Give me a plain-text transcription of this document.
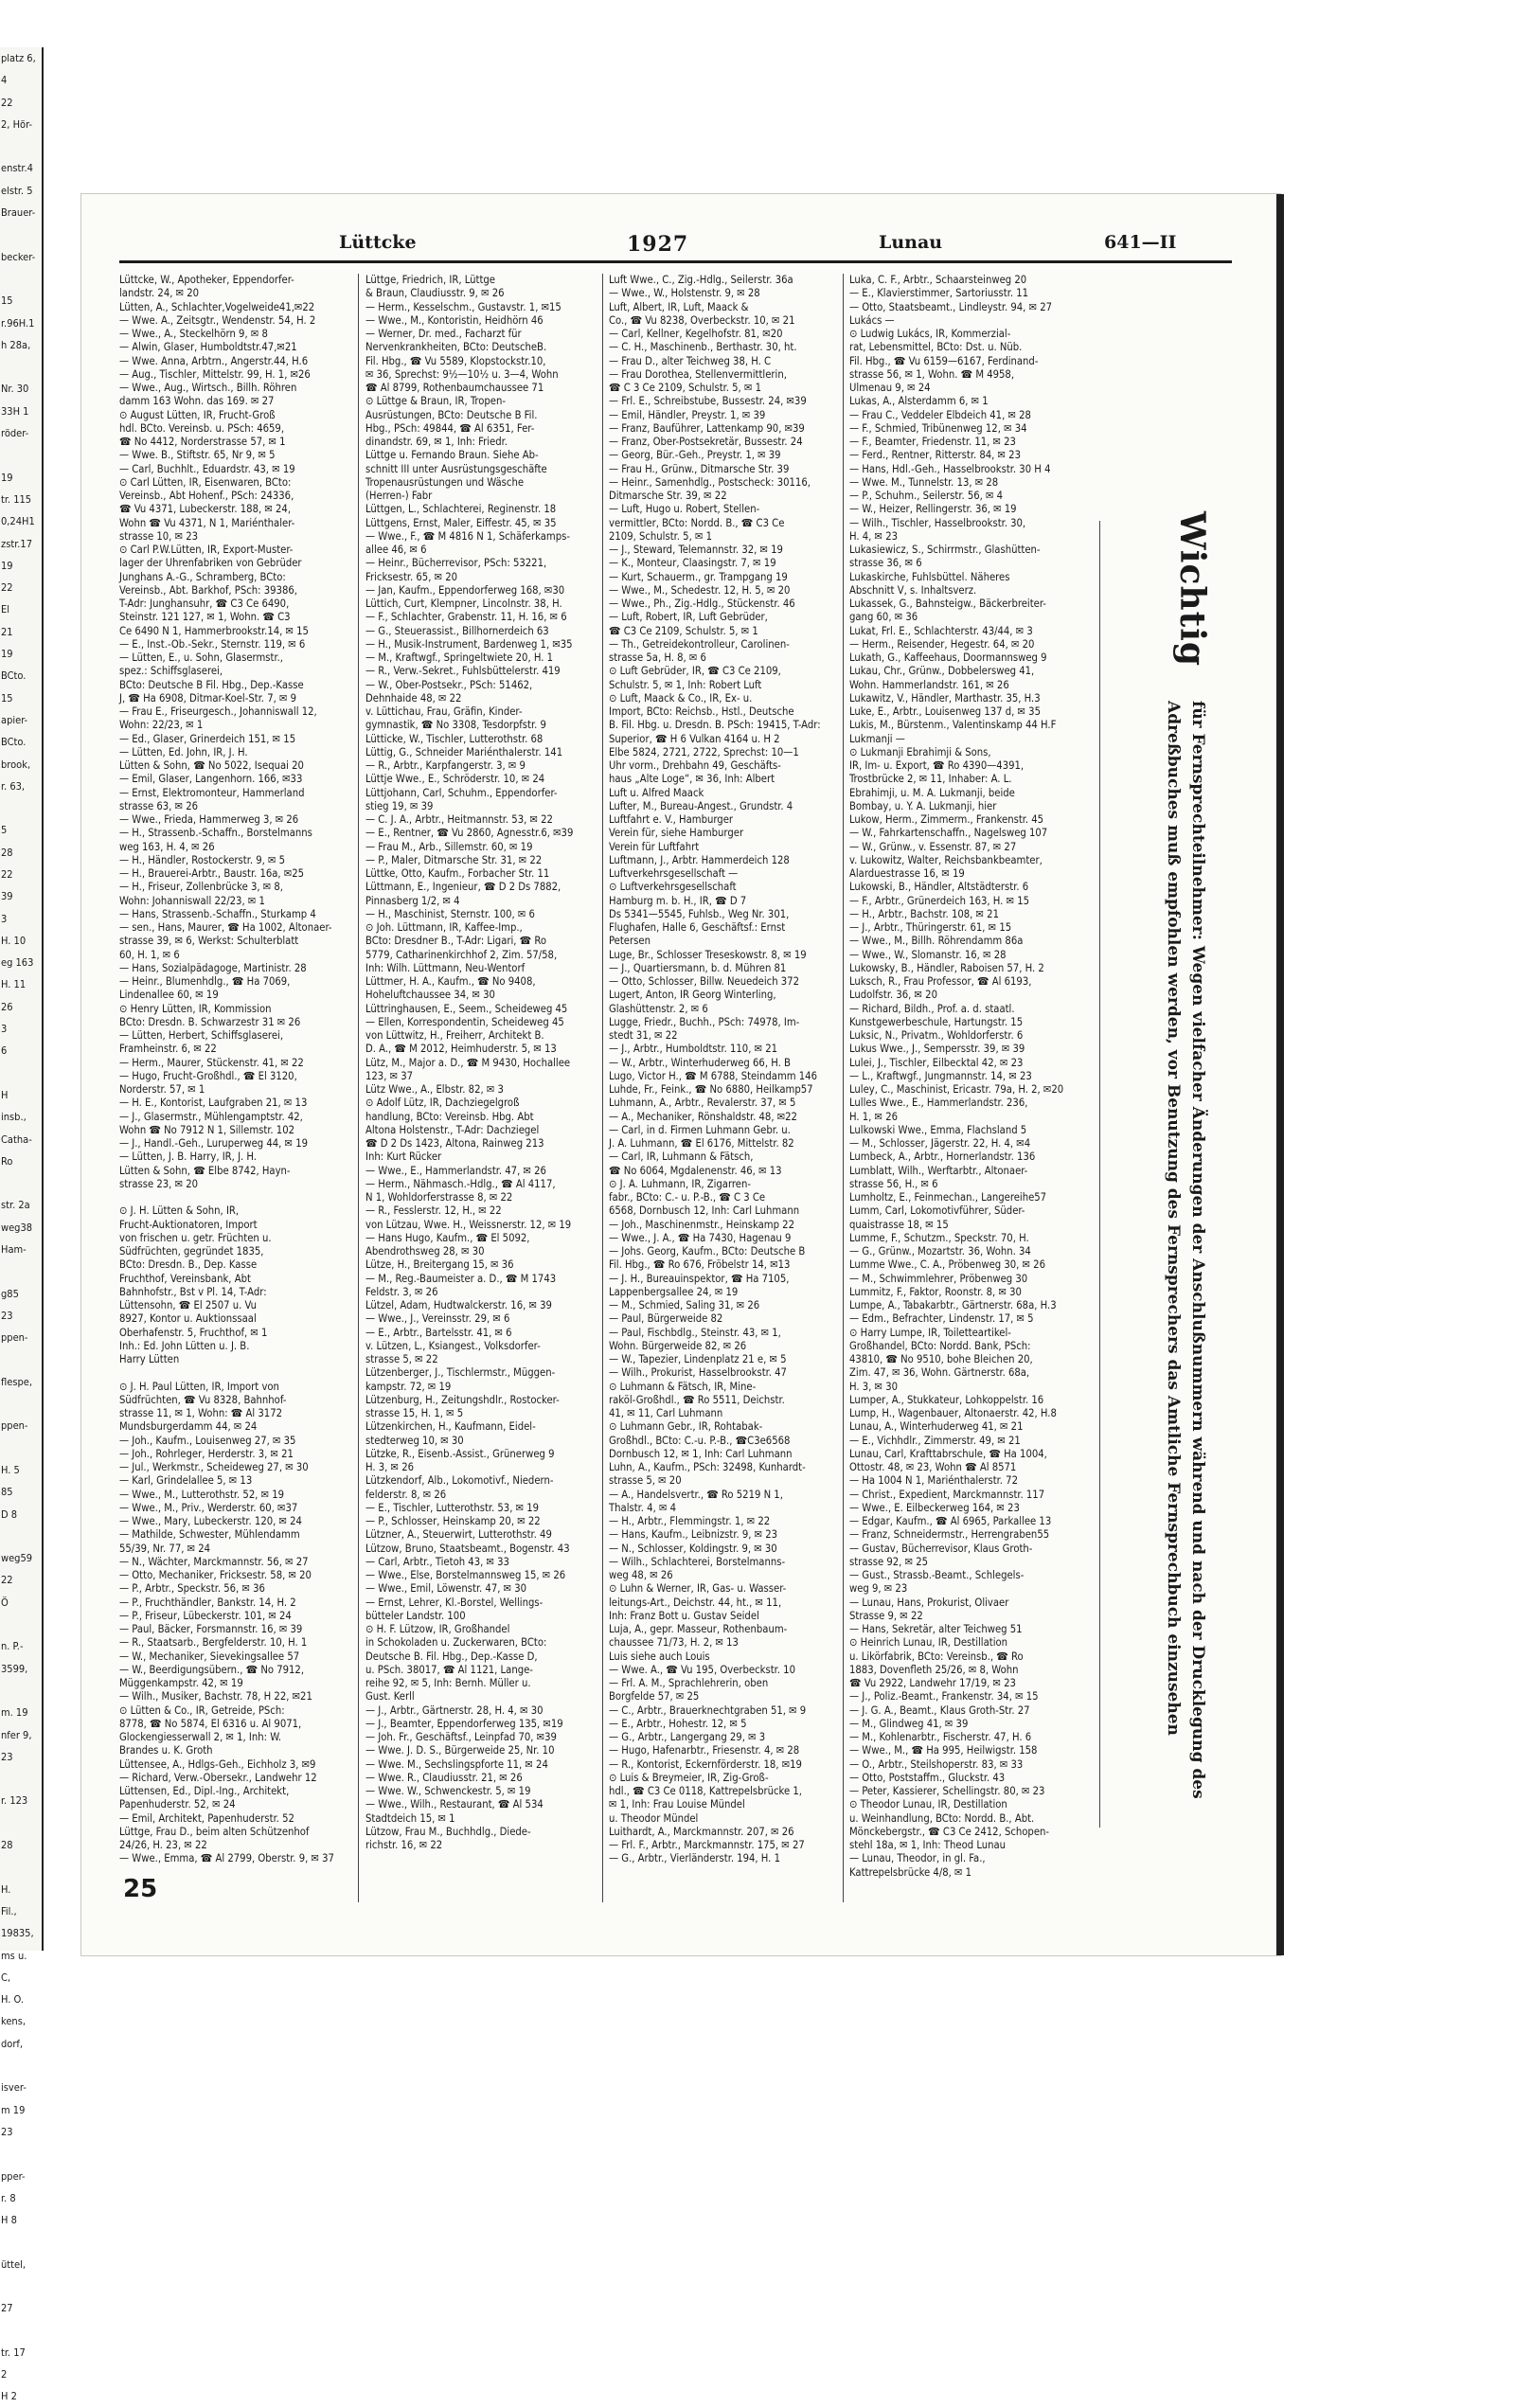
platz 6,
4
22
2, Hör-

enstr.4
elstr. 5
Brauer-

becker-

15
r.96H.1
h 28a,

Nr. 30
33H 1
röder-

19
tr. 115
0,24H1
zstr.17
19
22
El
21
19
BCto.
15
apier-
BCto.
brook,
r. 63,

5
28
22
39
3
H. 10
eg 163
H. 11
26
3
6

H
insb.,
Catha-
Ro

str. 2a
weg38
Ham-

g85
23
ppen-

flespe,

ppen-

H. 5
85
D 8

weg59
22
Ö

n. P.-
3599,

m. 19
nfer 9,
23

r. 123

28

H.
Fil.,
19835,
ms u.
C,
H. O.
kens,
dorf,

isver-
m 19
23

pper-
r. 8
H 8

üttel,

27

tr. 17
2
H 2
Lüttcke	1927	Lunau	641—II
Lüttcke, W., Apotheker, Eppendorfer-
landstr. 24, ✉ 20
Lütten, A., Schlachter,Vogelweide41,✉22
— Wwe. A., Zeitsgtr., Wendenstr. 54, H. 2
— Wwe., A., Steckelhörn 9, ✉ 8
— Alwin, Glaser, Humboldtstr.47,✉21
— Wwe. Anna, Arbtrn., Angerstr.44, H.6
— Aug., Tischler, Mittelstr. 99, H. 1, ✉26
— Wwe., Aug., Wirtsch., Billh. Röhren
damm 163 Wohn. das 169. ✉ 27
⊙ August Lütten, IR, Frucht-Groß
hdl. BCto. Vereinsb. u. PSch: 4659,
☎ No 4412, Norderstrasse 57, ✉ 1
— Wwe. B., Stiftstr. 65, Nr 9, ✉ 5
— Carl, Buchhlt., Eduardstr. 43, ✉ 19
⊙ Carl Lütten, IR, Eisenwaren, BCto:
Vereinsb., Abt Hohenf., PSch: 24336,
☎ Vu 4371, Lubeckerstr. 188, ✉ 24,
Wohn ☎ Vu 4371, N 1, Mariénthaler-
strasse 10, ✉ 23
⊙ Carl P.W.Lütten, IR, Export-Muster-
lager der Uhrenfabriken von Gebrüder
Junghans A.-G., Schramberg, BCto:
Vereinsb., Abt. Barkhof, PSch: 39386,
T-Adr: Junghansuhr, ☎ C3 Ce 6490,
Steinstr. 121 127, ✉ 1, Wohn. ☎ C3
Ce 6490 N 1, Hammerbrookstr.14, ✉ 15
— E., Inst.-Ob.-Sekr., Sternstr. 119, ✉ 6
— Lütten, E., u. Sohn, Glasermstr.,
spez.: Schiffsglaserei,
BCto: Deutsche B Fil. Hbg., Dep.-Kasse
J, ☎ Ha 6908, Ditmar-Koel-Str. 7, ✉ 9
— Frau E., Friseurgesch., Johanniswall 12,
Wohn: 22/23, ✉ 1
— Ed., Glaser, Grinerdeich 151, ✉ 15
— Lütten, Ed. John, IR, J. H.
Lütten & Sohn, ☎ No 5022, Isequai 20
— Emil, Glaser, Langenhorn. 166, ✉33
— Ernst, Elektromonteur, Hammerland
strasse 63, ✉ 26
— Wwe., Frieda, Hammerweg 3, ✉ 26
— H., Strassenb.-Schaffn., Borstelmanns
weg 163, H. 4, ✉ 26
— H., Händler, Rostockerstr. 9, ✉ 5
— H., Brauerei-Arbtr., Baustr. 16a, ✉25
— H., Friseur, Zollenbrücke 3, ✉ 8,
Wohn: Johanniswall 22/23, ✉ 1
— Hans, Strassenb.-Schaffn., Sturkamp 4
— sen., Hans, Maurer, ☎ Ha 1002, Altonaer-
strasse 39, ✉ 6, Werkst: Schulterblatt
60, H. 1, ✉ 6
— Hans, Sozialpädagoge, Martinistr. 28
— Heinr., Blumenhdlg., ☎ Ha 7069,
Lindenallee 60, ✉ 19
⊙ Henry Lütten, IR, Kommission
BCto: Dresdn. B. Schwarzestr 31 ✉ 26
— Lütten, Herbert, Schiffsglaserei,
Framheinstr. 6, ✉ 22
— Herm., Maurer, Stückenstr. 41, ✉ 22
— Hugo, Frucht-Großhdl., ☎ El 3120,
Norderstr. 57, ✉ 1
— H. E., Kontorist, Laufgraben 21, ✉ 13
— J., Glasermstr., Mühlengamptstr. 42,
Wohn ☎ No 7912 N 1, Sillemstr. 102
— J., Handl.-Geh., Luruperweg 44, ✉ 19
— Lütten, J. B. Harry, IR, J. H.
Lütten & Sohn, ☎ Elbe 8742, Hayn-
strasse 23, ✉ 20

⊙ J. H. Lütten & Sohn, IR,
Frucht-Auktionatoren, Import
von frischen u. getr. Früchten u.
Südfrüchten, gegründet 1835,
BCto: Dresdn. B., Dep. Kasse
Fruchthof, Vereinsbank, Abt
Bahnhofstr., Bst v Pl. 14, T-Adr:
Lüttensohn, ☎ El 2507 u. Vu
8927, Kontor u. Auktionssaal
Oberhafenstr. 5, Fruchthof, ✉ 1
Inh.: Ed. John Lütten u. J. B.
Harry Lütten

⊙ J. H. Paul Lütten, IR, Import von
Südfrüchten, ☎ Vu 8328, Bahnhof-
strasse 11, ✉ 1, Wohn: ☎ Al 3172
Mundsburgerdamm 44, ✉ 24
— Joh., Kaufm., Louisenweg 27, ✉ 35
— Joh., Rohrleger, Herderstr. 3, ✉ 21
— Jul., Werkmstr., Scheideweg 27, ✉ 30
— Karl, Grindelallee 5, ✉ 13
— Wwe., M., Lutterothstr. 52, ✉ 19
— Wwe., M., Priv., Werderstr. 60, ✉37
— Wwe., Mary, Lubeckerstr. 120, ✉ 24
— Mathilde, Schwester, Mühlendamm
55/39, Nr. 77, ✉ 24
— N., Wächter, Marckmannstr. 56, ✉ 27
— Otto, Mechaniker, Fricksestr. 58, ✉ 20
— P., Arbtr., Speckstr. 56, ✉ 36
— P., Fruchthändler, Bankstr. 14, H. 2
— P., Friseur, Lübeckerstr. 101, ✉ 24
— Paul, Bäcker, Forsmannstr. 16, ✉ 39
— R., Staatsarb., Bergfelderstr. 10, H. 1
— W., Mechaniker, Sievekingsallee 57
— W., Beerdigungsübern., ☎ No 7912,
Müggenkampstr. 42, ✉ 19
— Wilh., Musiker, Bachstr. 78, H 22, ✉21
⊙ Lütten & Co., IR, Getreide, PSch:
8778, ☎ No 5874, El 6316 u. Al 9071,
Glockengiesserwall 2, ✉ 1, Inh: W.
Brandes u. K. Groth
Lüttensee, A., Hdlgs-Geh., Eichholz 3, ✉9
— Richard, Verw.-Obersekr., Landwehr 12
Lüttensen, Ed., Dipl.-Ing., Architekt,
Papenhuderstr. 52, ✉ 24
— Emil, Architekt, Papenhuderstr. 52
Lüttge, Frau D., beim alten Schützenhof
24/26, H. 23, ✉ 22
— Wwe., Emma, ☎ Al 2799, Oberstr. 9, ✉ 37
Lüttge, Friedrich, IR, Lüttge
& Braun, Claudiusstr. 9, ✉ 26
— Herm., Kesselschm., Gustavstr. 1, ✉15
— Wwe., M., Kontoristin, Heidhörn 46
— Werner, Dr. med., Facharzt für
Nervenkrankheiten, BCto: DeutscheB.
Fil. Hbg., ☎ Vu 5589, Klopstockstr.10,
✉ 36, Sprechst: 9½—10½ u. 3—4, Wohn
☎ Al 8799, Rothenbaumchaussee 71
⊙ Lüttge & Braun, IR, Tropen-
Ausrüstungen, BCto: Deutsche B Fil.
Hbg., PSch: 49844, ☎ Al 6351, Fer-
dinandstr. 69, ✉ 1, Inh: Friedr.
Lüttge u. Fernando Braun. Siehe Ab-
schnitt III unter Ausrüstungsgeschäfte
Tropenausrüstungen und Wäsche
(Herren-) Fabr
Lüttgen, L., Schlachterei, Reginenstr. 18
Lüttgens, Ernst, Maler, Eiffestr. 45, ✉ 35
— Wwe., F., ☎ M 4816 N 1, Schäferkamps-
allee 46, ✉ 6
— Heinr., Bücherrevisor, PSch: 53221,
Fricksestr. 65, ✉ 20
— Jan, Kaufm., Eppendorferweg 168, ✉30
Lüttich, Curt, Klempner, Lincolnstr. 38, H.
— F., Schlachter, Grabenstr. 11, H. 16, ✉ 6
— G., Steuerassist., Billhornerdeich 63
— H., Musik-Instrument, Bardenweg 1, ✉35
— M., Kraftwgf., Springeltwiete 20, H. 1
— R., Verw.-Sekret., Fuhlsbüttelerstr. 419
— W., Ober-Postsekr., PSch: 51462,
Dehnhaide 48, ✉ 22
v. Lüttichau, Frau, Gräfin, Kinder-
gymnastik, ☎ No 3308, Tesdorpfstr. 9
Lütticke, W., Tischler, Lutterothstr. 68
Lüttig, G., Schneider Mariénthalerstr. 141
— R., Arbtr., Karpfangerstr. 3, ✉ 9
Lüttje Wwe., E., Schröderstr. 10, ✉ 24
Lüttjohann, Carl, Schuhm., Eppendorfer-
stieg 19, ✉ 39
— C. J. A., Arbtr., Heitmannstr. 53, ✉ 22
— E., Rentner, ☎ Vu 2860, Agnesstr.6, ✉39
— Frau M., Arb., Sillemstr. 60, ✉ 19
— P., Maler, Ditmarsche Str. 31, ✉ 22
Lüttke, Otto, Kaufm., Forbacher Str. 11
Lüttmann, E., Ingenieur, ☎ D 2 Ds 7882,
Pinnasberg 1/2, ✉ 4
— H., Maschinist, Sternstr. 100, ✉ 6
⊙ Joh. Lüttmann, IR, Kaffee-Imp.,
BCto: Dresdner B., T-Adr: Ligari, ☎ Ro
5779, Catharinenkirchhof 2, Zim. 57/58,
Inh: Wilh. Lüttmann, Neu-Wentorf
Lüttmer, H. A., Kaufm., ☎ No 9408,
Hoheluftchaussee 34, ✉ 30
Lüttringhausen, E., Seem., Scheideweg 45
— Ellen, Korrespondentin, Scheideweg 45
von Lüttwitz, H., Freiherr, Architekt B.
D. A., ☎ M 2012, Heimhuderstr. 5, ✉ 13
Lütz, M., Major a. D., ☎ M 9430, Hochallee
123, ✉ 37
Lütz Wwe., A., Elbstr. 82, ✉ 3
⊙ Adolf Lütz, IR, Dachziegelgroß
handlung, BCto: Vereinsb. Hbg. Abt
Altona Holstenstr., T-Adr: Dachziegel
☎ D 2 Ds 1423, Altona, Rainweg 213
Inh: Kurt Rücker
— Wwe., E., Hammerlandstr. 47, ✉ 26
— Herm., Nähmasch.-Hdlg., ☎ Al 4117,
N 1, Wohldorferstrasse 8, ✉ 22
— R., Fesslerstr. 12, H., ✉ 22
von Lützau, Wwe. H., Weissnerstr. 12, ✉ 19
— Hans Hugo, Kaufm., ☎ El 5092,
Abendrothsweg 28, ✉ 30
Lütze, H., Breitergang 15, ✉ 36
— M., Reg.-Baumeister a. D., ☎ M 1743
Feldstr. 3, ✉ 26
Lützel, Adam, Hudtwalckerstr. 16, ✉ 39
— Wwe., J., Vereinsstr. 29, ✉ 6
— E., Arbtr., Bartelsstr. 41, ✉ 6
v. Lützen, L., Ksiangest., Volksdorfer-
strasse 5, ✉ 22
Lützenberger, J., Tischlermstr., Müggen-
kampstr. 72, ✉ 19
Lützenburg, H., Zeitungshdlr., Rostocker-
strasse 15, H. 1, ✉ 5
Lützenkirchen, H., Kaufmann, Eidel-
stedterweg 10, ✉ 30
Lützke, R., Eisenb.-Assist., Grünerweg 9
H. 3, ✉ 26
Lützkendorf, Alb., Lokomotivf., Niedern-
felderstr. 8, ✉ 26
— E., Tischler, Lutterothstr. 53, ✉ 19
— P., Schlosser, Heinskamp 20, ✉ 22
Lützner, A., Steuerwirt, Lutterothstr. 49
Lützow, Bruno, Staatsbeamt., Bogenstr. 43
— Carl, Arbtr., Tietoh 43, ✉ 33
— Wwe., Else, Borstelmannsweg 15, ✉ 26
— Wwe., Emil, Löwenstr. 47, ✉ 30
— Ernst, Lehrer, Kl.-Borstel, Wellings-
bütteler Landstr. 100
⊙ H. F. Lützow, IR, Großhandel
in Schokoladen u. Zuckerwaren, BCto:
Deutsche B. Fil. Hbg., Dep.-Kasse D,
u. PSch. 38017, ☎ Al 1121, Lange-
reihe 92, ✉ 5, Inh: Bernh. Müller u.
Gust. Kerll
— J., Arbtr., Gärtnerstr. 28, H. 4, ✉ 30
— J., Beamter, Eppendorferweg 135, ✉19
— Joh. Fr., Geschäftsf., Leinpfad 70, ✉39
— Wwe. J. D. S., Bürgerweide 25, Nr. 10
— Wwe. M., Sechslingspforte 11, ✉ 24
— Wwe. R., Claudiusstr. 21, ✉ 26
— Wwe. W., Schwenckestr. 5, ✉ 19
— Wwe., Wilh., Restaurant, ☎ Al 534
Stadtdeich 15, ✉ 1
Lützow, Frau M., Buchhdlg., Diede-
richstr. 16, ✉ 22
Luft Wwe., C., Zig.-Hdlg., Seilerstr. 36a
— Wwe., W., Holstenstr. 9, ✉ 28
Luft, Albert, IR, Luft, Maack &
Co., ☎ Vu 8238, Overbeckstr. 10, ✉ 21
— Carl, Kellner, Kegelhofstr. 81, ✉20
— C. H., Maschinenb., Berthastr. 30, ht.
— Frau D., alter Teichweg 38, H. C
— Frau Dorothea, Stellenvermittlerin,
☎ C 3 Ce 2109, Schulstr. 5, ✉ 1
— Frl. E., Schreibstube, Bussestr. 24, ✉39
— Emil, Händler, Preystr. 1, ✉ 39
— Franz, Bauführer, Lattenkamp 90, ✉39
— Franz, Ober-Postsekretär, Bussestr. 24
— Georg, Bür.-Geh., Preystr. 1, ✉ 39
— Frau H., Grünw., Ditmarsche Str. 39
— Heinr., Samenhdlg., Postscheck: 30116,
Ditmarsche Str. 39, ✉ 22
— Luft, Hugo u. Robert, Stellen-
vermittler, BCto: Nordd. B., ☎ C3 Ce
2109, Schulstr. 5, ✉ 1
— J., Steward, Telemannstr. 32, ✉ 19
— K., Monteur, Claasingstr. 7, ✉ 19
— Kurt, Schauerm., gr. Trampgang 19
— Wwe., M., Schedestr. 12, H. 5, ✉ 20
— Wwe., Ph., Zig.-Hdlg., Stückenstr. 46
— Luft, Robert, IR, Luft Gebrüder,
☎ C3 Ce 2109, Schulstr. 5, ✉ 1
— Th., Getreidekontrolleur, Carolinen-
strasse 5a, H. 8, ✉ 6
⊙ Luft Gebrüder, IR, ☎ C3 Ce 2109,
Schulstr. 5, ✉ 1, Inh: Robert Luft
⊙ Luft, Maack & Co., IR, Ex- u.
Import, BCto: Reichsb., Hstl., Deutsche
B. Fil. Hbg. u. Dresdn. B. PSch: 19415, T-Adr:
Superior, ☎ H 6 Vulkan 4164 u. H 2
Elbe 5824, 2721, 2722, Sprechst: 10—1
Uhr vorm., Drehbahn 49, Geschäfts-
haus „Alte Loge“, ✉ 36, Inh: Albert
Luft u. Alfred Maack
Lufter, M., Bureau-Angest., Grundstr. 4
Luftfahrt e. V., Hamburger
Verein für, siehe Hamburger
Verein für Luftfahrt
Luftmann, J., Arbtr. Hammerdeich 128
Luftverkehrsgesellschaft —
⊙ Luftverkehrsgesellschaft
Hamburg m. b. H., IR, ☎ D 7
Ds 5341—5545, Fuhlsb., Weg Nr. 301,
Flughafen, Halle 6, Geschäftsf.: Ernst
Petersen
Luge, Br., Schlosser Treseskowstr. 8, ✉ 19
— J., Quartiersmann, b. d. Mühren 81
— Otto, Schlosser, Billw. Neuedeich 372
Lugert, Anton, IR Georg Winterling,
Glashüttenstr. 2, ✉ 6
Lugge, Friedr., Buchh., PSch: 74978, Im-
stedt 31, ✉ 22
— J., Arbtr., Humboldtstr. 110, ✉ 21
— W., Arbtr., Winterhuderweg 66, H. B
Lugo, Victor H., ☎ M 6788, Steindamm 146
Luhde, Fr., Feink., ☎ No 6880, Heilkamp57
Luhmann, A., Arbtr., Revalerstr. 37, ✉ 5
— A., Mechaniker, Rönshaldstr. 48, ✉22
— Carl, in d. Firmen Luhmann Gebr. u.
J. A. Luhmann, ☎ El 6176, Mittelstr. 82
— Carl, IR, Luhmann & Fätsch,
☎ No 6064, Mgdalenenstr. 46, ✉ 13
⊙ J. A. Luhmann, IR, Zigarren-
fabr., BCto: C.- u. P.-B., ☎ C 3 Ce
6568, Dornbusch 12, Inh: Carl Luhmann
— Joh., Maschinenmstr., Heinskamp 22
— Wwe., J. A., ☎ Ha 7430, Hagenau 9
— Johs. Georg, Kaufm., BCto: Deutsche B
Fil. Hbg., ☎ Ro 676, Fröbelstr 14, ✉13
— J. H., Bureauinspektor, ☎ Ha 7105,
Lappenbergsallee 24, ✉ 19
— M., Schmied, Saling 31, ✉ 26
— Paul, Bürgerweide 82
— Paul, Fischbdlg., Steinstr. 43, ✉ 1,
Wohn. Bürgerweide 82, ✉ 26
— W., Tapezier, Lindenplatz 21 e, ✉ 5
— Wilh., Prokurist, Hasselbrookstr. 47
⊙ Luhmann & Fätsch, IR, Mine-
raköl-Großhdl., ☎ Ro 5511, Deichstr.
41, ✉ 11, Carl Luhmann
⊙ Luhmann Gebr., IR, Rohtabak-
Großhdl., BCto: C.-u. P.-B., ☎C3e6568
Dornbusch 12, ✉ 1, Inh: Carl Luhmann
Luhn, A., Kaufm., PSch: 32498, Kunhardt-
strasse 5, ✉ 20
— A., Handelsvertr., ☎ Ro 5219 N 1,
Thalstr. 4, ✉ 4
— H., Arbtr., Flemmingstr. 1, ✉ 22
— Hans, Kaufm., Leibnizstr. 9, ✉ 23
— N., Schlosser, Koldingstr. 9, ✉ 30
— Wilh., Schlachterei, Borstelmanns-
weg 48, ✉ 26
⊙ Luhn & Werner, IR, Gas- u. Wasser-
leitungs-Art., Deichstr. 44, ht., ✉ 11,
Inh: Franz Bott u. Gustav Seidel
Luja, A., gepr. Masseur, Rothenbaum-
chaussee 71/73, H. 2, ✉ 13
Luis siehe auch Louis
— Wwe. A., ☎ Vu 195, Overbeckstr. 10
— Frl. A. M., Sprachlehrerin, oben
Borgfelde 57, ✉ 25
— C., Arbtr., Brauerknechtgraben 51, ✉ 9
— E., Arbtr., Hohestr. 12, ✉ 5
— G., Arbtr., Langergang 29, ✉ 3
— Hugo, Hafenarbtr., Friesenstr. 4, ✉ 28
— R., Kontorist, Eckernförderstr. 18, ✉19
⊙ Luis & Breymeier, IR, Zig-Groß-
hdl., ☎ C3 Ce 0118, Kattrepelsbrücke 1,
✉ 1, Inh: Frau Louise Mündel
u. Theodor Mündel
Luithardt, A., Marckmannstr. 207, ✉ 26
— Frl. F., Arbtr., Marckmannstr. 175, ✉ 27
— G., Arbtr., Vierländerstr. 194, H. 1
Luka, C. F., Arbtr., Schaarsteinweg 20
— E., Klavierstimmer, Sartoriusstr. 11
— Otto, Staatsbeamt., Lindleystr. 94, ✉ 27
Lukács —
⊙ Ludwig Lukács, IR, Kommerzial-
rat, Lebensmittel, BCto: Dst. u. Nüb.
Fil. Hbg., ☎ Vu 6159—6167, Ferdinand-
strasse 56, ✉ 1, Wohn. ☎ M 4958,
Ulmenau 9, ✉ 24
Lukas, A., Alsterdamm 6, ✉ 1
— Frau C., Veddeler Elbdeich 41, ✉ 28
— F., Schmied, Tribünenweg 12, ✉ 34
— F., Beamter, Friedenstr. 11, ✉ 23
— Ferd., Rentner, Ritterstr. 84, ✉ 23
— Hans, Hdl.-Geh., Hasselbrookstr. 30 H 4
— Wwe. M., Tunnelstr. 13, ✉ 28
— P., Schuhm., Seilerstr. 56, ✉ 4
— W., Heizer, Rellingerstr. 36, ✉ 19
— Wilh., Tischler, Hasselbrookstr. 30,
H. 4, ✉ 23
Lukasiewicz, S., Schirrmstr., Glashütten-
strasse 36, ✉ 6
Lukaskirche, Fuhlsbüttel. Näheres
Abschnitt V, s. Inhaltsverz.
Lukassek, G., Bahnsteigw., Bäckerbreiter-
gang 60, ✉ 36
Lukat, Frl. E., Schlachterstr. 43/44, ✉ 3
— Herm., Reisender, Hegestr. 64, ✉ 20
Lukath, G., Kaffeehaus, Doormannsweg 9
Lukau, Chr., Grünw., Dobbelersweg 41,
Wohn. Hammerlandstr. 161, ✉ 26
Lukawitz, V., Händler, Marthastr. 35, H.3
Luke, E., Arbtr., Louisenweg 137 d, ✉ 35
Lukis, M., Bürstenm., Valentinskamp 44 H.F
Lukmanji —
⊙ Lukmanji Ebrahimji & Sons,
IR, Im- u. Export, ☎ Ro 4390—4391,
Trostbrücke 2, ✉ 11, Inhaber: A. L.
Ebrahimji, u. M. A. Lukmanji, beide
Bombay, u. Y. A. Lukmanji, hier
Lukow, Herm., Zimmerm., Frankenstr. 45
— W., Fahrkartenschaffn., Nagelsweg 107
— W., Grünw., v. Essenstr. 87, ✉ 27
v. Lukowitz, Walter, Reichsbankbeamter,
Alarduestrasse 16, ✉ 19
Lukowski, B., Händler, Altstädterstr. 6
— F., Arbtr., Grünerdeich 163, H. ✉ 15
— H., Arbtr., Bachstr. 108, ✉ 21
— J., Arbtr., Thüringerstr. 61, ✉ 15
— Wwe., M., Billh. Röhrendamm 86a
— Wwe., W., Slomanstr. 16, ✉ 28
Lukowsky, B., Händler, Raboisen 57, H. 2
Luksch, R., Frau Professor, ☎ Al 6193,
Ludolfstr. 36, ✉ 20
— Richard, Bildh., Prof. a. d. staatl.
Kunstgewerbeschule, Hartungstr. 15
Luksic, N., Privatm., Wohldorferstr. 6
Lukus Wwe., J., Sempersstr. 39, ✉ 39
Lulei, J., Tischler, Eilbecktal 42, ✉ 23
— L., Kraftwgf., Jungmannstr. 14, ✉ 23
Luley, C., Maschinist, Ericastr. 79a, H. 2, ✉20
Lulles Wwe., E., Hammerlandstr. 236,
H. 1, ✉ 26
Lulkowski Wwe., Emma, Flachsland 5
— M., Schlosser, Jägerstr. 22, H. 4, ✉4
Lumbeck, A., Arbtr., Hornerlandstr. 136
Lumblatt, Wilh., Werftarbtr., Altonaer-
strasse 56, H., ✉ 6
Lumholtz, E., Feinmechan., Langereihe57
Lumm, Carl, Lokomotivführer, Süder-
quaistrasse 18, ✉ 15
Lumme, F., Schutzm., Speckstr. 70, H.
— G., Grünw., Mozartstr. 36, Wohn. 34
Lumme Wwe., C. A., Pröbenweg 30, ✉ 26
— M., Schwimmlehrer, Pröbenweg 30
Lummitz, F., Faktor, Roonstr. 8, ✉ 30
Lumpe, A., Tabakarbtr., Gärtnerstr. 68a, H.3
— Edm., Befrachter, Lindenstr. 17, ✉ 5
⊙ Harry Lumpe, IR, Toiletteartikel-
Großhandel, BCto: Nordd. Bank, PSch:
43810, ☎ No 9510, bohe Bleichen 20,
Zim. 47, ✉ 36, Wohn. Gärtnerstr. 68a,
H. 3, ✉ 30
Lumper, A., Stukkateur, Lohkoppelstr. 16
Lump, H., Wagenbauer, Altonaerstr. 42, H.8
Lunau, A., Winterhuderweg 41, ✉ 21
— E., Vichhdlr., Zimmerstr. 49, ✉ 21
Lunau, Carl, Krafttabrschule, ☎ Ha 1004,
Ottostr. 48, ✉ 23, Wohn ☎ Al 8571
— Ha 1004 N 1, Mariénthalerstr. 72
— Christ., Expedient, Marckmannstr. 117
— Wwe., E. Eilbeckerweg 164, ✉ 23
— Edgar, Kaufm., ☎ Al 6965, Parkallee 13
— Franz, Schneidermstr., Herrengraben55
— Gustav, Bücherrevisor, Klaus Groth-
strasse 92, ✉ 25
— Gust., Strassb.-Beamt., Schlegels-
weg 9, ✉ 23
— Lunau, Hans, Prokurist, Olivaer
Strasse 9, ✉ 22
— Hans, Sekretär, alter Teichweg 51
⊙ Heinrich Lunau, IR, Destillation
u. Likörfabrik, BCto: Vereinsb., ☎ Ro
1883, Dovenfleth 25/26, ✉ 8, Wohn
☎ Vu 2922, Landwehr 17/19, ✉ 23
— J., Poliz.-Beamt., Frankenstr. 34, ✉ 15
— J. G. A., Beamt., Klaus Groth-Str. 27
— M., Glindweg 41, ✉ 39
— M., Kohlenarbtr., Fischerstr. 47, H. 6
— Wwe., M., ☎ Ha 995, Heilwigstr. 158
— O., Arbtr., Steilshoperstr. 83, ✉ 33
— Otto, Poststaffm., Gluckstr. 43
— Peter, Kassierer, Schellingstr. 80, ✉ 23
⊙ Theodor Lunau, IR, Destillation
u. Weinhandlung, BCto: Nordd. B., Abt.
Mönckebergstr., ☎ C3 Ce 2412, Schopen-
stehl 18a, ✉ 1, Inh: Theod Lunau
— Lunau, Theodor, in gl. Fa.,
Kattrepelsbrücke 4/8, ✉ 1
Wichtig
für Fernsprechteilnehmer: Wegen vielfacher Änderungen der Anschlußnummern während und nach der Drucklegung des Adreßbuches muß empfohlen werden, vor Benutzung des Fernsprechers das Amtliche Fernsprechbuch einzusehen
25
